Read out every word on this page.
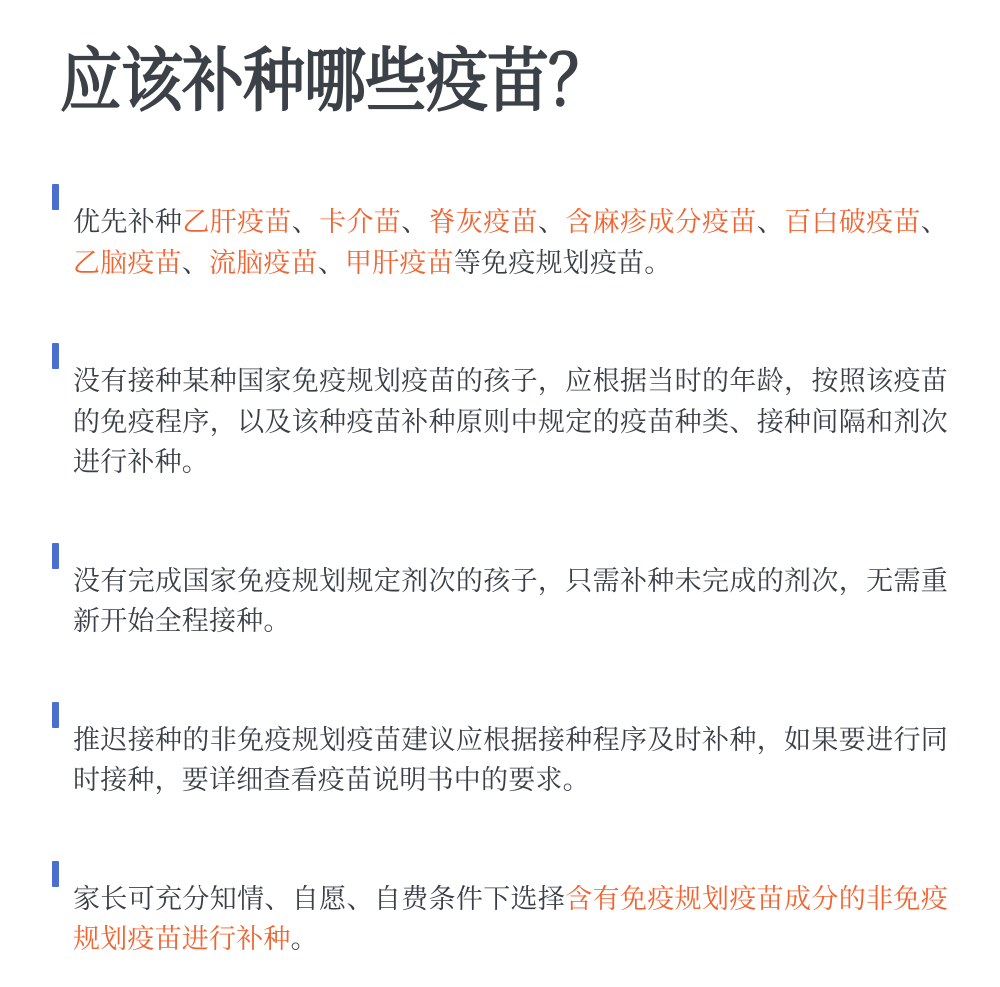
应该补种哪些疫苗？

优先补种乙肝疫苗、卡介苗、脊灰疫苗、含麻疹成分疫苗、百白破疫苗、乙脑疫苗、流脑疫苗、甲肝疫苗等免疫规划疫苗。

没有接种某种国家免疫规划疫苗的孩子，应根据当时的年龄，按照该疫苗的免疫程序，以及该种疫苗补种原则中规定的疫苗种类、接种间隔和剂次进行补种。

没有完成国家免疫规划规定剂次的孩子，只需补种未完成的剂次，无需重新开始全程接种。

推迟接种的非免疫规划疫苗建议应根据接种程序及时补种，如果要进行同时接种，要详细查看疫苗说明书中的要求。

家长可充分知情、自愿、自费条件下选择含有免疫规划疫苗成分的非免疫规划疫苗进行补种。
